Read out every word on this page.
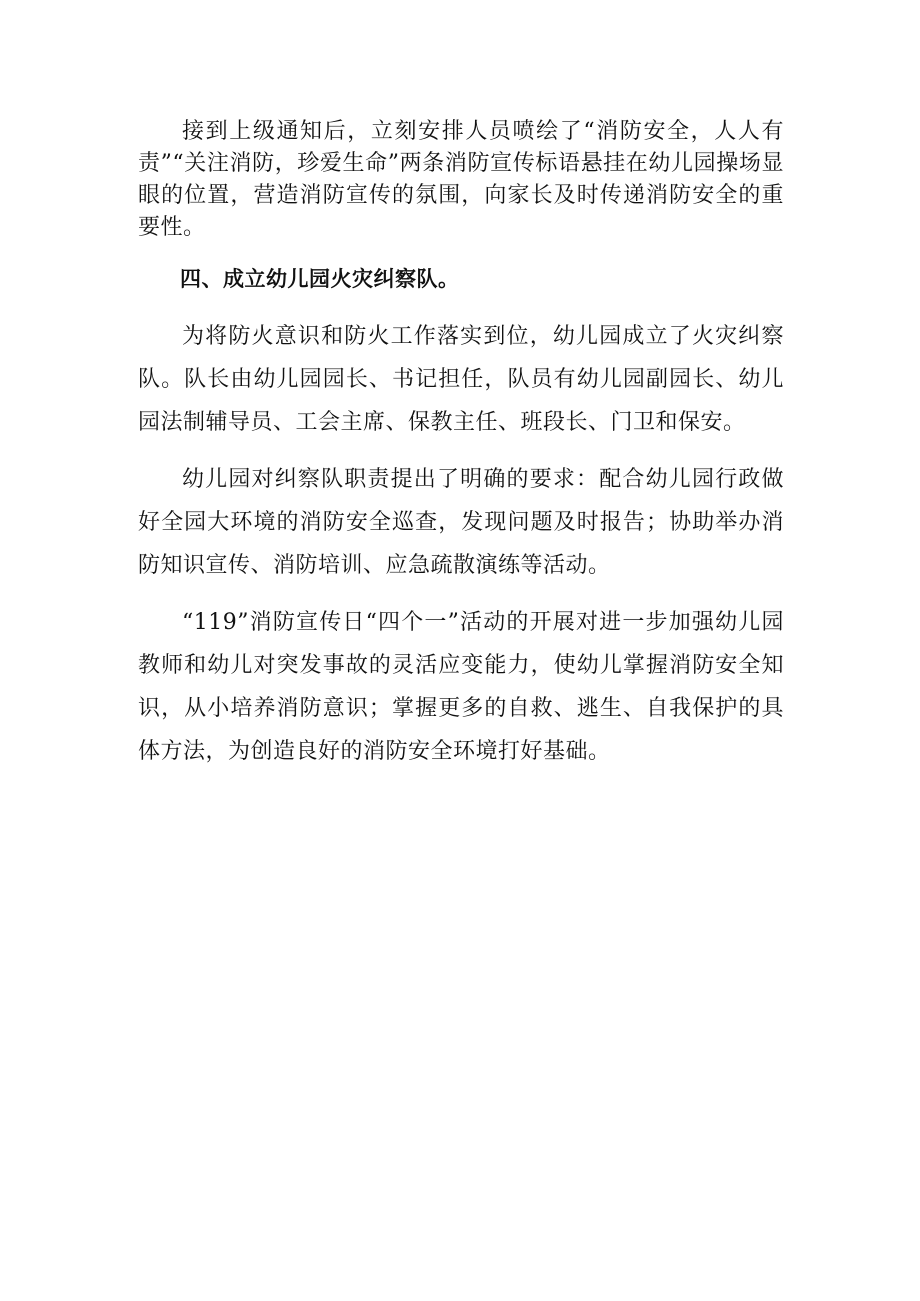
接到上级通知后，立刻安排人员喷绘了“消防安全，人人有责”“关注消防，珍爱生命”两条消防宣传标语悬挂在幼儿园操场显眼的位置，营造消防宣传的氛围，向家长及时传递消防安全的重要性。

四、成立幼儿园火灾纠察队。

为将防火意识和防火工作落实到位，幼儿园成立了火灾纠察队。队长由幼儿园园长、书记担任，队员有幼儿园副园长、幼儿园法制辅导员、工会主席、保教主任、班段长、门卫和保安。

幼儿园对纠察队职责提出了明确的要求：配合幼儿园行政做好全园大环境的消防安全巡查，发现问题及时报告；协助举办消防知识宣传、消防培训、应急疏散演练等活动。

“119”消防宣传日“四个一”活动的开展对进一步加强幼儿园教师和幼儿对突发事故的灵活应变能力，使幼儿掌握消防安全知识，从小培养消防意识；掌握更多的自救、逃生、自我保护的具体方法，为创造良好的消防安全环境打好基础。
